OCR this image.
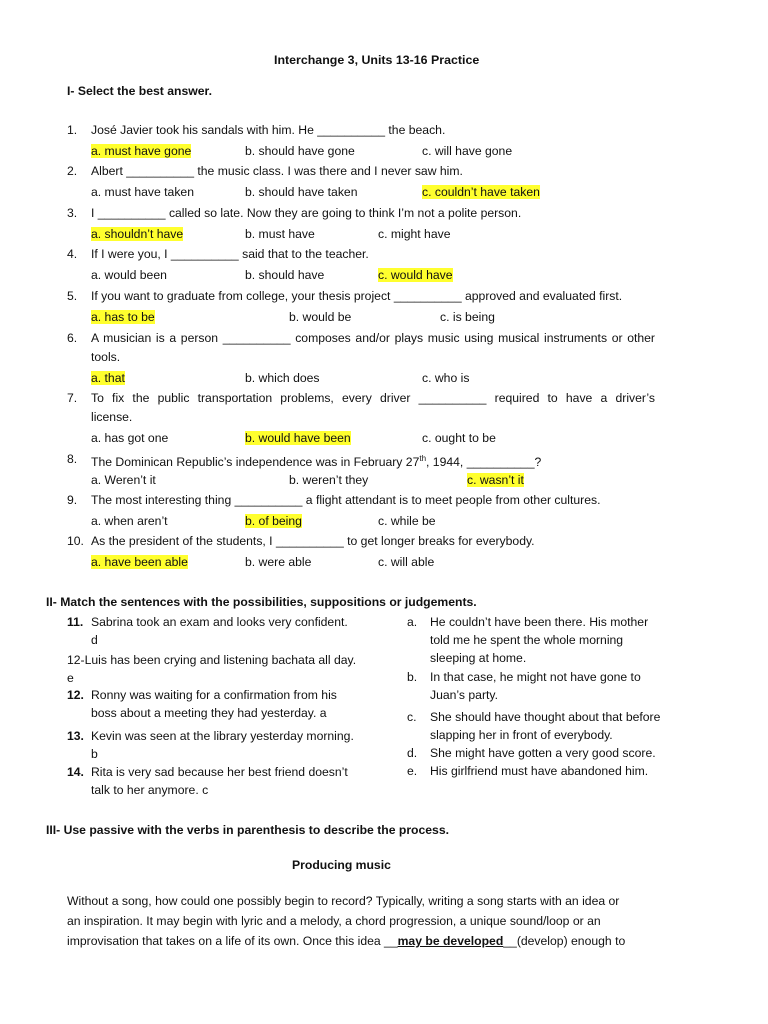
Interchange 3, Units 13-16 Practice
I- Select the best answer.
1. José Javier took his sandals with him. He __________ the beach.
a. must have gone	b. should have gone	c. will have gone
2. Albert __________ the music class. I was there and I never saw him.
a. must have taken	b. should have taken	c. couldn’t have taken
3. I __________ called so late. Now they are going to think I’m not a polite person.
a. shouldn’t have	b. must have	c. might have
4. If I were you, I __________ said that to the teacher.
a. would been	b. should have	c. would have
5. If you want to graduate from college, your thesis project __________ approved and evaluated first.
a. has to be	b. would be	c. is being
6. A musician is a person __________ composes and/or plays music using musical instruments or other
tools.
a. that	b. which does	c. who is
7. To fix the public transportation problems, every driver __________ required to have a driver’s
license.
a. has got one	b. would have been	c. ought to be
8. The Dominican Republic’s independence was in February 27th, 1944, __________?
a. Weren’t it	b. weren’t they	c. wasn’t it
9. The most interesting thing __________ a flight attendant is to meet people from other cultures.
a. when aren’t	b. of being	c. while be
10. As the president of the students, I __________ to get longer breaks for everybody.
a. have been able	b. were able	c. will able
II- Match the sentences with the possibilities, suppositions or judgements.
11. Sabrina took an exam and looks very confident.
d
12-Luis has been crying and listening bachata all day.
e
12. Ronny was waiting for a confirmation from his
boss about a meeting they had yesterday. a
13. Kevin was seen at the library yesterday morning.
b
14. Rita is very sad because her best friend doesn’t
talk to her anymore. c
a. He couldn’t have been there. His mother
told me he spent the whole morning
sleeping at home.
b. In that case, he might not have gone to
Juan’s party.
c. She should have thought about that before
slapping her in front of everybody.
d. She might have gotten a very good score.
e. His girlfriend must have abandoned him.
III- Use passive with the verbs in parenthesis to describe the process.
Producing music
Without a song, how could one possibly begin to record? Typically, writing a song starts with an idea or
an inspiration. It may begin with lyric and a melody, a chord progression, a unique sound/loop or an
improvisation that takes on a life of its own. Once this idea __may be developed__(develop) enough to
